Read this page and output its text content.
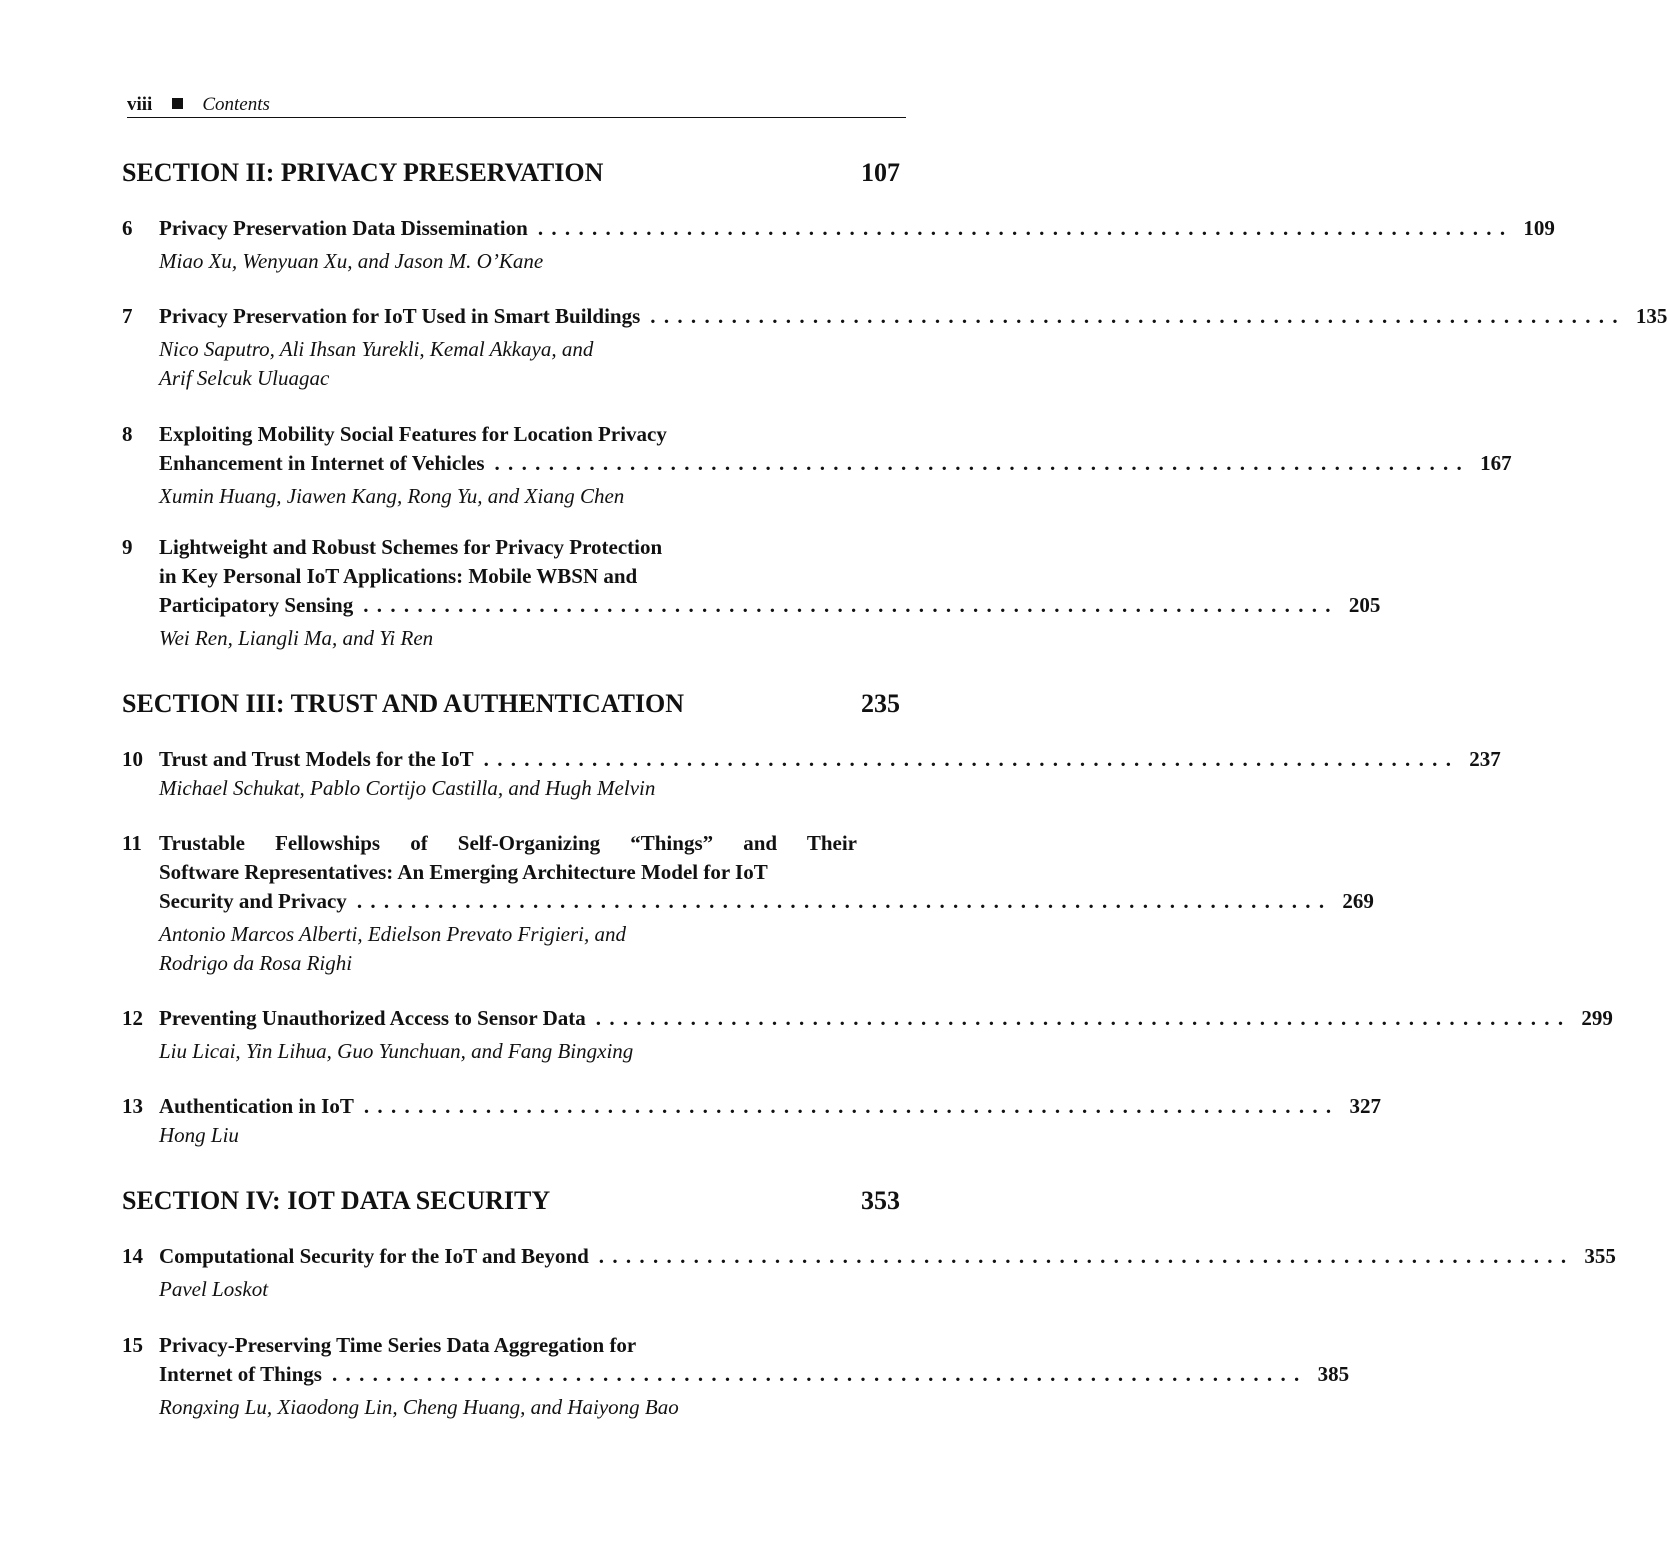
viii	Contents
SECTION II: PRIVACY PRESERVATION	107
6 Privacy Preservation Data Dissemination ........................................................................ 109
Miao Xu, Wenyuan Xu, and Jason M. O’Kane
7 Privacy Preservation for IoT Used in Smart Buildings ........................................................................ 135
Nico Saputro, Ali Ihsan Yurekli, Kemal Akkaya, and
Arif Selcuk Uluagac
8 Exploiting Mobility Social Features for Location Privacy
Enhancement in Internet of Vehicles ........................................................................ 167
Xumin Huang, Jiawen Kang, Rong Yu, and Xiang Chen
9 Lightweight and Robust Schemes for Privacy Protection
in Key Personal IoT Applications: Mobile WBSN and
Participatory Sensing ........................................................................ 205
Wei Ren, Liangli Ma, and Yi Ren
SECTION III: TRUST AND AUTHENTICATION	235
10 Trust and Trust Models for the IoT ........................................................................ 237
Michael Schukat, Pablo Cortijo Castilla, and Hugh Melvin
11 Trustable Fellowships of Self-Organizing “Things” and Their
Software Representatives: An Emerging Architecture Model for IoT
Security and Privacy ........................................................................ 269
Antonio Marcos Alberti, Edielson Prevato Frigieri, and
Rodrigo da Rosa Righi
12 Preventing Unauthorized Access to Sensor Data ........................................................................ 299
Liu Licai, Yin Lihua, Guo Yunchuan, and Fang Bingxing
13 Authentication in IoT ........................................................................ 327
Hong Liu
SECTION IV: IOT DATA SECURITY	353
14 Computational Security for the IoT and Beyond ........................................................................ 355
Pavel Loskot
15 Privacy-Preserving Time Series Data Aggregation for
Internet of Things ........................................................................ 385
Rongxing Lu, Xiaodong Lin, Cheng Huang, and Haiyong Bao
